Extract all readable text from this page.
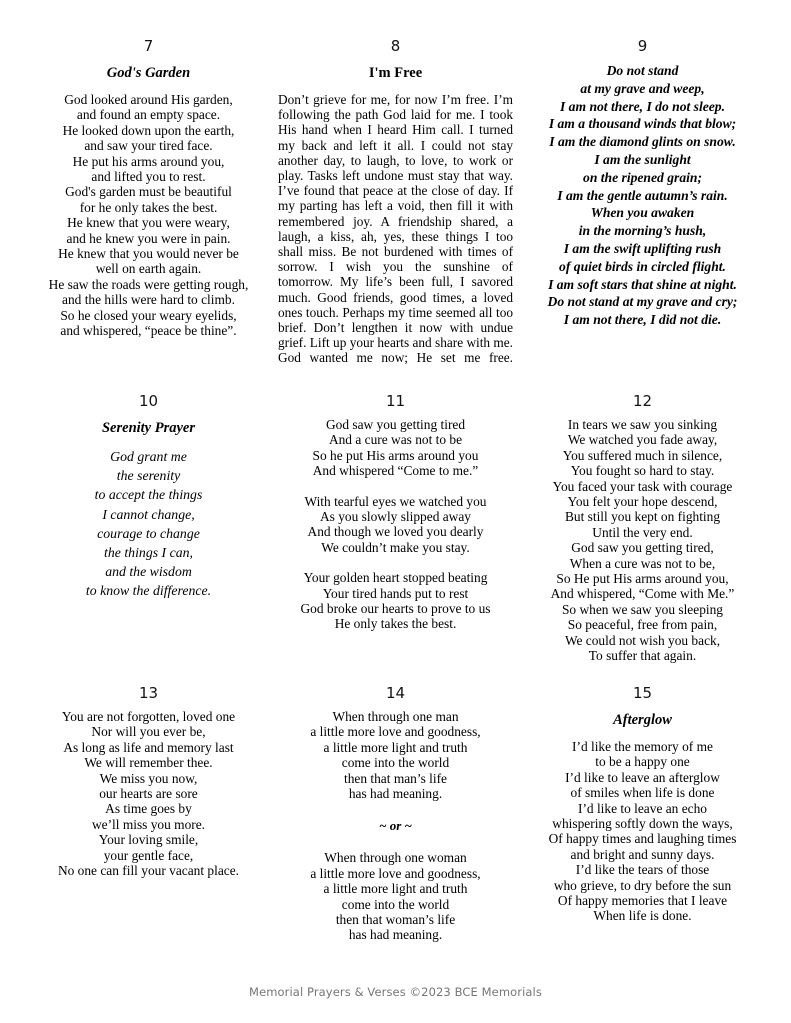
7
God's Garden
God looked around His garden,
and found an empty space.
He looked down upon the earth,
and saw your tired face.
He put his arms around you,
and lifted you to rest.
God's garden must be beautiful
for he only takes the best.
He knew that you were weary,
and he knew you were in pain.
He knew that you would never be
well on earth again.
He saw the roads were getting rough,
and the hills were hard to climb.
So he closed your weary eyelids,
and whispered, “peace be thine”.
8
I'm Free
Don’t grieve for me, for now I’m free. I’m following the path God laid for me. I took His hand when I heard Him call. I turned my back and left it all. I could not stay another day, to laugh, to love, to work or play. Tasks left undone must stay that way. I’ve found that peace at the close of day. If my parting has left a void, then fill it with remembered joy. A friendship shared, a laugh, a kiss, ah, yes, these things I too shall miss. Be not burdened with times of sorrow. I wish you the sunshine of tomorrow. My life’s been full, I savored much. Good friends, good times, a loved ones touch. Perhaps my time seemed all too brief. Don’t lengthen it now with undue grief. Lift up your hearts and share with me. God wanted me now; He set me free.
9
Do not stand
at my grave and weep,
I am not there, I do not sleep.
I am a thousand winds that blow;
I am the diamond glints on snow.
I am the sunlight
on the ripened grain;
I am the gentle autumn’s rain.
When you awaken
in the morning’s hush,
I am the swift uplifting rush
of quiet birds in circled flight.
I am soft stars that shine at night.
Do not stand at my grave and cry;
I am not there, I did not die.
10
Serenity Prayer
God grant me
the serenity
to accept the things
I cannot change,
courage to change
the things I can,
and the wisdom
to know the difference.
11
God saw you getting tired
And a cure was not to be
So he put His arms around you
And whispered “Come to me.”
With tearful eyes we watched you
As you slowly slipped away
And though we loved you dearly
We couldn’t make you stay.
Your golden heart stopped beating
Your tired hands put to rest
God broke our hearts to prove to us
He only takes the best.
12
In tears we saw you sinking
We watched you fade away,
You suffered much in silence,
You fought so hard to stay.
You faced your task with courage
You felt your hope descend,
But still you kept on fighting
Until the very end.
God saw you getting tired,
When a cure was not to be,
So He put His arms around you,
And whispered, “Come with Me.”
So when we saw you sleeping
So peaceful, free from pain,
We could not wish you back,
To suffer that again.
13
You are not forgotten, loved one
Nor will you ever be,
As long as life and memory last
We will remember thee.
We miss you now,
our hearts are sore
As time goes by
we’ll miss you more.
Your loving smile,
your gentle face,
No one can fill your vacant place.
14
When through one man
a little more love and goodness,
a little more light and truth
come into the world
then that man’s life
has had meaning.
~ or ~
When through one woman
a little more love and goodness,
a little more light and truth
come into the world
then that woman’s life
has had meaning.
15
Afterglow
I’d like the memory of me
to be a happy one
I’d like to leave an afterglow
of smiles when life is done
I’d like to leave an echo
whispering softly down the ways,
Of happy times and laughing times
and bright and sunny days.
I’d like the tears of those
who grieve, to dry before the sun
Of happy memories that I leave
When life is done.
Memorial Prayers & Verses ©2023 BCE Memorials
